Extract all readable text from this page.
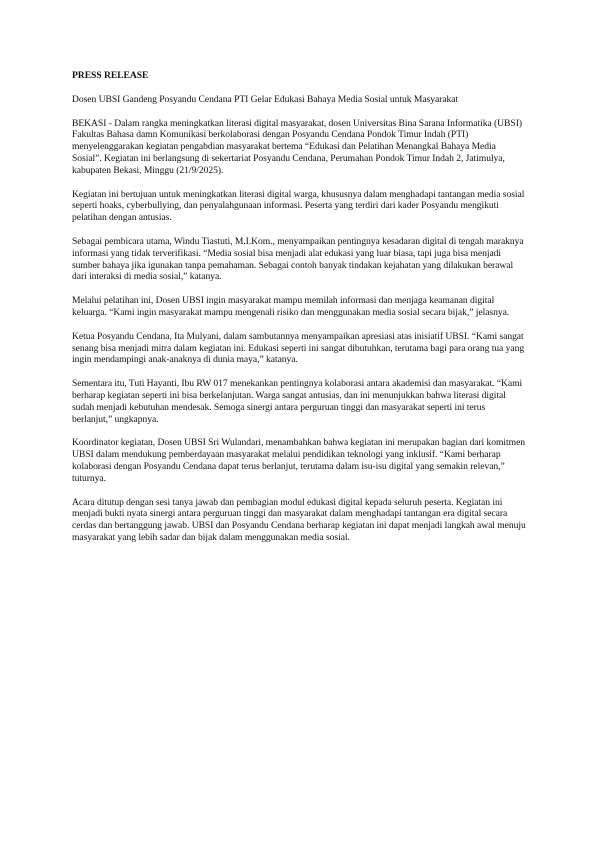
PRESS RELEASE

Dosen UBSI Gandeng Posyandu Cendana PTI Gelar Edukasi Bahaya Media Sosial untuk Masyarakat

BEKASI - Dalam rangka meningkatkan literasi digital masyarakat, dosen Universitas Bina Sarana Informatika (UBSI) Fakultas Bahasa damn Komunikasi berkolaborasi dengan Posyandu Cendana Pondok Timur Indah (PTI) menyelenggarakan kegiatan pengabdian masyarakat bertema “Edukasi dan Pelatihan Menangkal Bahaya Media Sosial”. Kegiatan ini berlangsung di sekertariat Posyandu Cendana, Perumahan Pondok Timur Indah 2, Jatimulya, kabupaten Bekasi, Minggu (21/9/2025).

Kegiatan ini bertujuan untuk meningkatkan literasi digital warga, khususnya dalam menghadapi tantangan media sosial seperti hoaks, cyberbullying, dan penyalahgunaan informasi. Peserta yang terdiri dari kader Posyandu mengikuti pelatihan dengan antusias.

Sebagai pembicara utama, Windu Tiastuti, M.I.Kom., menyampaikan pentingnya kesadaran digital di tengah maraknya informasi yang tidak terverifikasi. “Media sosial bisa menjadi alat edukasi yang luar biasa, tapi juga bisa menjadi sumber bahaya jika igunakan tanpa pemahaman. Sebagai contoh banyak tindakan kejahatan yang dilakukan berawal dari interaksi di media sosial,” katanya.

Melalui pelatihan ini, Dosen UBSI ingin masyarakat mampu memilah informasi dan menjaga keamanan digital keluarga. “Kami ingin masyarakat mampu mengenali risiko dan menggunakan media sosial secara bijak,” jelasnya.

Ketua Posyandu Cendana, Ita Mulyani, dalam sambutannya menyampaikan apresiasi atas inisiatif UBSI. “Kami sangat senang bisa menjadi mitra dalam kegiatan ini. Edukasi seperti ini sangat dibutuhkan, terutama bagi para orang tua yang ingin mendampingi anak-anaknya di dunia maya,” katanya.

Sementara itu, Tuti Hayanti, Ibu RW 017 menekankan pentingnya kolaborasi antara akademisi dan masyarakat. “Kami berharap kegiatan seperti ini bisa berkelanjutan. Warga sangat antusias, dan ini menunjukkan bahwa literasi digital sudah menjadi kebutuhan mendesak. Semoga sinergi antara perguruan tinggi dan masyarakat seperti ini terus berlanjut,” ungkapnya.

Koordinator kegiatan, Dosen UBSI Sri Wulandari, menambahkan bahwa kegiatan ini merupakan bagian dari komitmen UBSI dalam mendukung pemberdayaan masyarakat melalui pendidikan teknologi yang inklusif. “Kami berharap kolaborasi dengan Posyandu Cendana dapat terus berlanjut, terutama dalam isu-isu digital yang semakin relevan,” tuturnya.

Acara ditutup dengan sesi tanya jawab dan pembagian modul edukasi digital kepada seluruh peserta. Kegiatan ini menjadi bukti nyata sinergi antara perguruan tinggi dan masyarakat dalam menghadapi tantangan era digital secara cerdas dan bertanggung jawab. UBSI dan Posyandu Cendana berharap kegiatan ini dapat menjadi langkah awal menuju masyarakat yang lebih sadar dan bijak dalam menggunakan media sosial.
